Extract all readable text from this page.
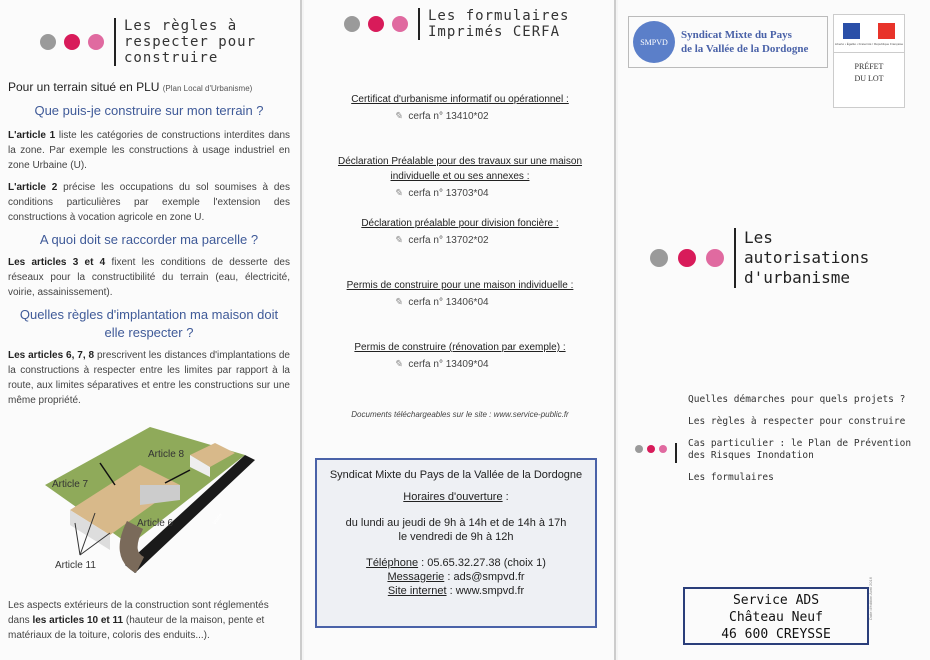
Les règles à
respecter pour
construire
Pour un terrain situé en PLU (Plan Local d'Urbanisme)
Que puis-je construire sur mon terrain ?

L'article 1 liste les catégories de constructions interdites dans la zone. Par exemple les constructions à usage industriel en zone Urbaine (U).

L'article 2 précise les occupations du sol soumises à des conditions particulières par exemple l'extension des constructions à vocation agricole en zone U.

A quoi doit se raccorder ma parcelle ?

Les articles 3 et 4 fixent les conditions de desserte des réseaux pour la constructibilité du terrain (eau, électricité, voirie, assainissement).

Quelles règles d'implantation ma maison doit elle respecter ?

Les articles 6, 7, 8 prescrivent les distances d'implantations de la constructions à respecter entre les limites par rapport à la route, aux limites séparatives et entre les constructions sur une même propriété.

Article 8
Article 7
Article 6
Article 11
Voirie

Les aspects extérieurs de la construction sont réglementés dans les articles 10 et 11 (hauteur de la maison, pente et matériaux de la toiture, coloris des enduits...).

Les formulaires
Imprimés CERFA
Certificat d'urbanisme informatif ou opérationnel :
✎ cerfa n° 13410*02
Déclaration Préalable pour des travaux sur une maison individuelle et ou ses annexes :
✎ cerfa n° 13703*04
Déclaration préalable pour division foncière :
✎ cerfa n° 13702*02
Permis de construire pour une maison individuelle :
✎ cerfa n° 13406*04
Permis de construire (rénovation par exemple) :
✎ cerfa n° 13409*04
Documents téléchargeables sur le site : www.service-public.fr
Syndicat Mixte du Pays de la Vallée de la Dordogne
Horaires d'ouverture :
du lundi au jeudi de 9h à 14h et de 14h à 17h
le vendredi de 9h à 12h
Téléphone : 05.65.32.27.38 (choix 1)
Messagerie : ads@smpvd.fr
Site internet : www.smpvd.fr
SMPVD
Syndicat Mixte du Pays
de la Vallée de la Dordogne	Liberté • Égalité • Fraternité / République Française
PRÉFET
DU LOT
Les
autorisations
d'urbanisme
Quelles démarches pour quels projets ?
Les règles à respecter pour construire
Cas particulier : le Plan de Prévention des Risques Inondation
Les formulaires
Service ADS
Château Neuf
46 600 CREYSSE
Date d'édition Avril 2016
